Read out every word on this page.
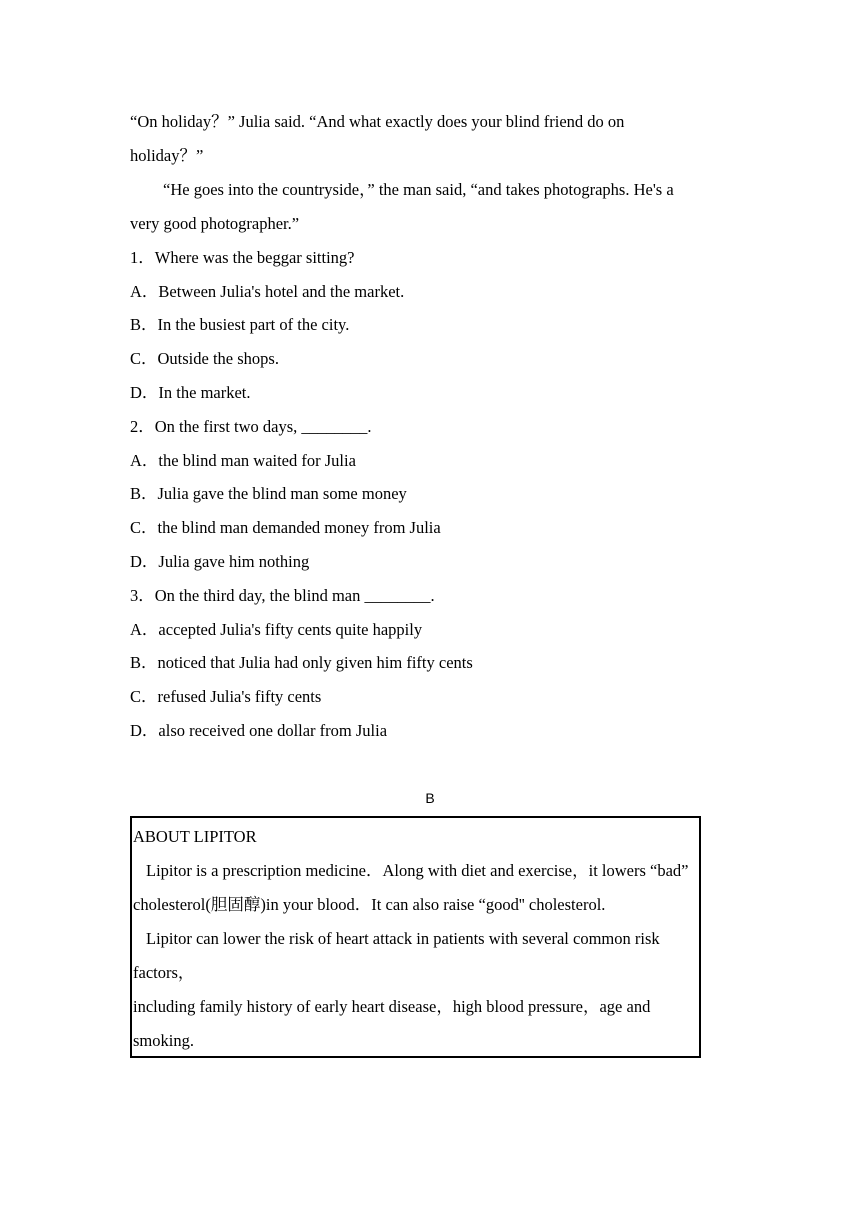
“On holiday？” Julia said. “And what exactly does your blind friend do on
holiday？”
“He goes into the countryside，” the man said, “and takes photographs. He's a
very good photographer.”
1．Where was the beggar sitting?
A．Between Julia's hotel and the market.
B．In the busiest part of the city.
C．Outside the shops.
D．In the market.
2．On the first two days, ________.
A．the blind man waited for Julia
B．Julia gave the blind man some money
C．the blind man demanded money from Julia
D．Julia gave him nothing
3．On the third day, the blind man ________.
A．accepted Julia's fifty cents quite happily
B．noticed that Julia had only given him fifty cents
C．refused Julia's fifty cents
D．also received one dollar from Julia
B
ABOUT LIPITOR
Lipitor is a prescription medicine．Along with diet and exercise，it lowers “bad”
cholesterol(胆固醇)in your blood．It can also raise “good'' cholesterol.
Lipitor can lower the risk of heart attack in patients with several common risk
factors，
including family history of early heart disease，high blood pressure，age and
smoking.
